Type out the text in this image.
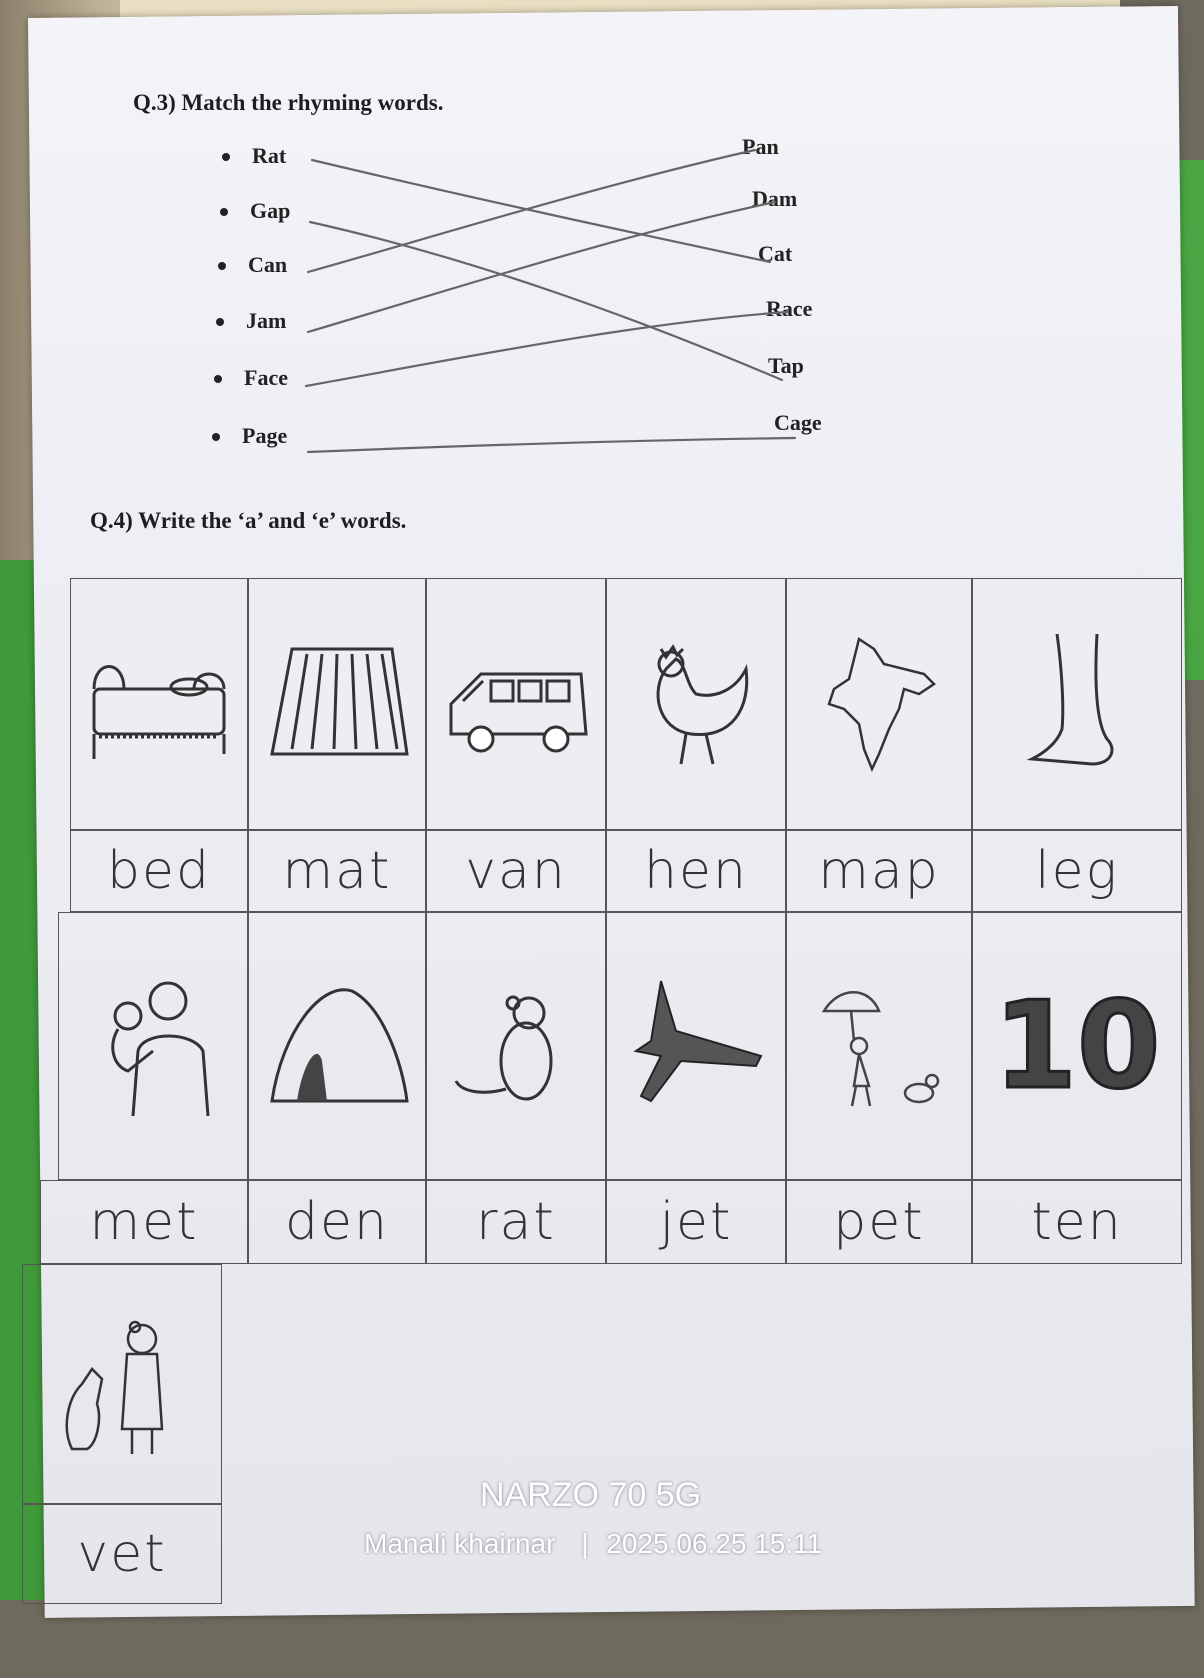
Q.3) Match the rhyming words.
Rat
Gap
Can
Jam
Face
Page
Pan
Dam
Cat
Race
Tap
Cage
Q.4) Write the ‘a’ and ‘e’ words.
bed	mat	van	hen	map	leg
10
met	den	rat	jet	pet	ten
vet
NARZO 70 5G
Manali khairnar | 2025.06.25 15:11
